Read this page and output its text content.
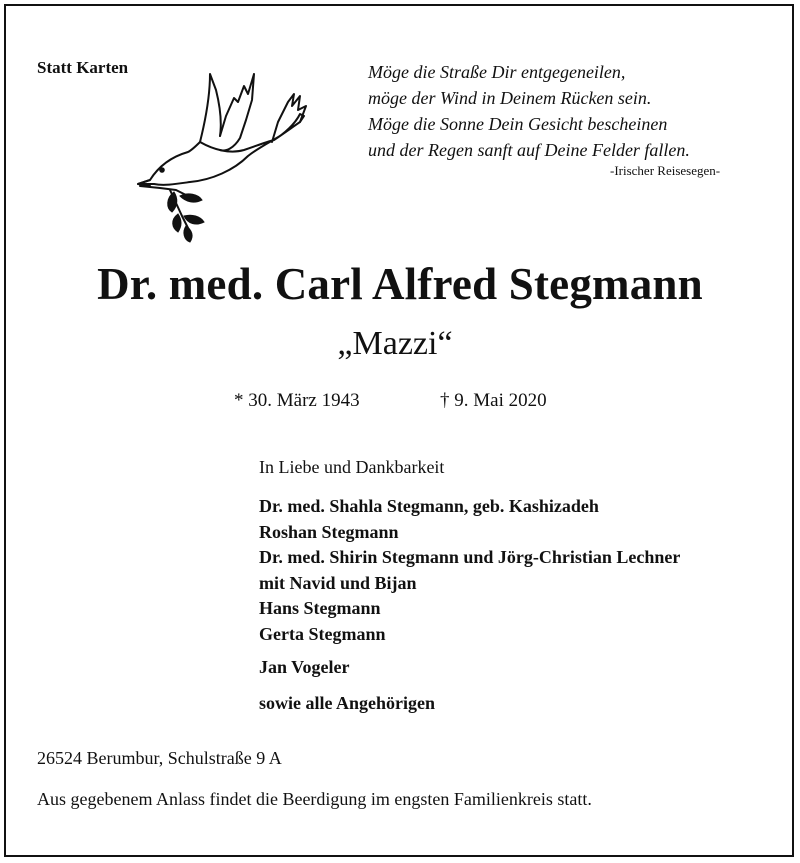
Statt Karten	Möge die Straße Dir entgegeneilen,
möge der Wind in Deinem Rücken sein.
Möge die Sonne Dein Gesicht bescheinen
und der Regen sanft auf Deine Felder fallen.
-Irischer Reisesegen-
Dr. med. Carl Alfred Stegmann
„Mazzi“
* 30. März 1943	† 9. Mai 2020
In Liebe und Dankbarkeit
Dr. med. Shahla Stegmann, geb. Kashizadeh
Roshan Stegmann
Dr. med. Shirin Stegmann und Jörg-Christian Lechner
mit Navid und Bijan
Hans Stegmann
Gerta Stegmann
Jan Vogeler
sowie alle Angehörigen
26524 Berumbur, Schulstraße 9 A
Aus gegebenem Anlass findet die Beerdigung im engsten Familienkreis statt.
